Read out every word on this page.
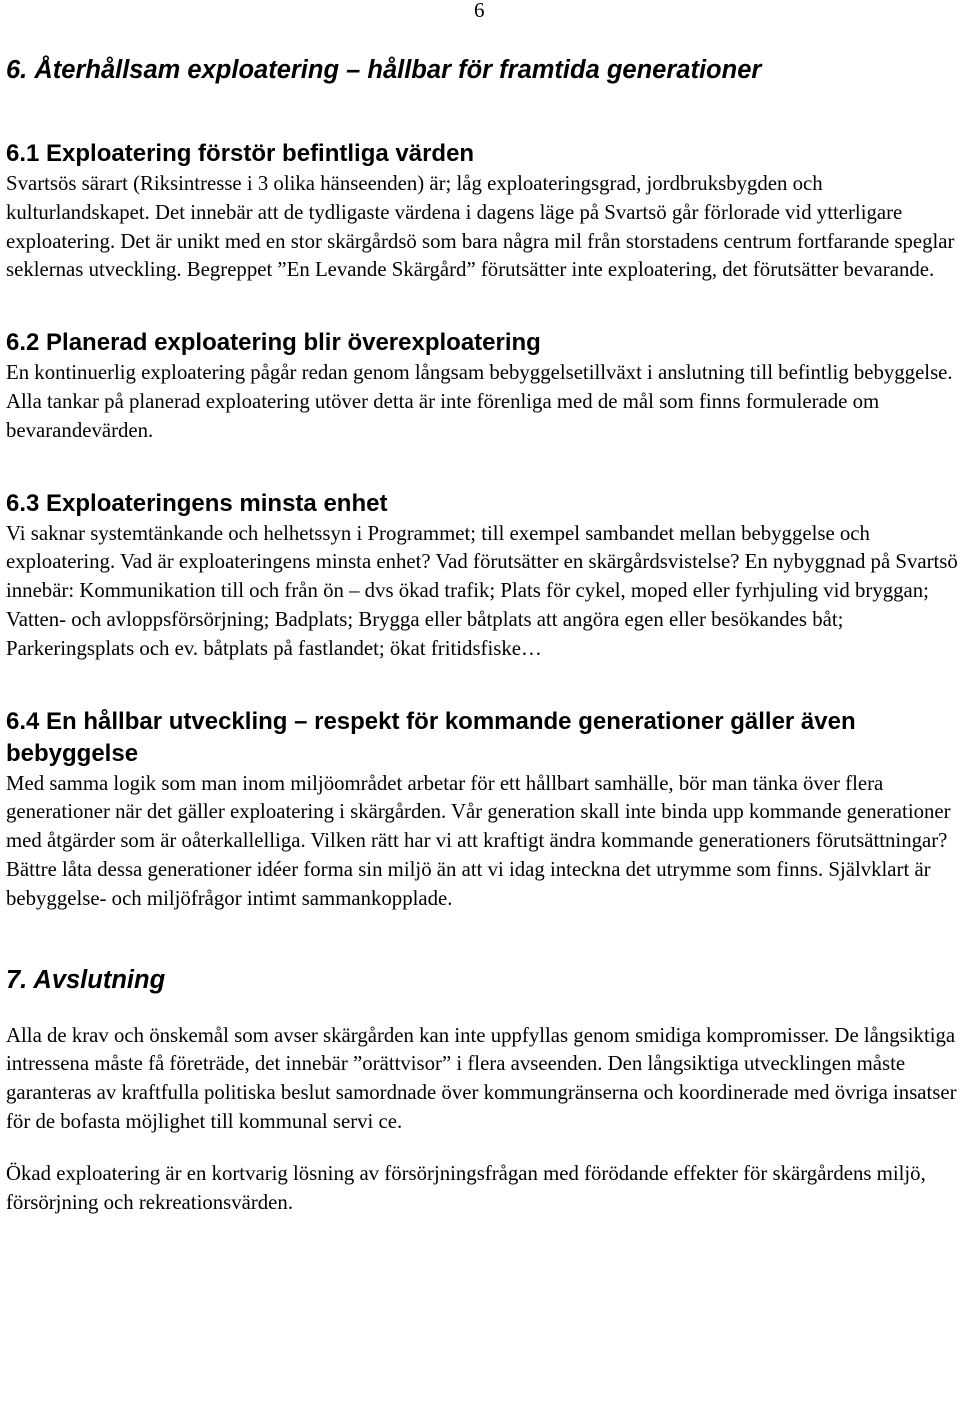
6
6. Återhållsam exploatering – hållbar för framtida generationer
6.1 Exploatering förstör befintliga värden

Svartsös särart (Riksintresse i 3 olika hänseenden) är; låg exploateringsgrad, jordbruksbygden och kulturlandskapet. Det innebär att de tydligaste värdena i dagens läge på Svartsö går förlorade vid ytterligare exploatering. Det är unikt med en stor skärgårdsö som bara några mil från storstadens centrum fortfarande speglar seklernas utveckling. Begreppet ”En Levande Skärgård” förutsätter inte exploatering, det förutsätter bevarande.

6.2 Planerad exploatering blir överexploatering

En kontinuerlig exploatering pågår redan genom långsam bebyggelsetillväxt i anslutning till befintlig bebyggelse. Alla tankar på planerad exploatering utöver detta är inte förenliga med de mål som finns formulerade om bevarandevärden.

6.3 Exploateringens minsta enhet

Vi saknar systemtänkande och helhetssyn i Programmet; till exempel sambandet mellan bebyggelse och exploatering. Vad är exploateringens minsta enhet? Vad förutsätter en skärgårdsvistelse? En nybyggnad på Svartsö innebär: Kommunikation till och från ön – dvs ökad trafik; Plats för cykel, moped eller fyrhjuling vid bryggan; Vatten- och avloppsförsörjning; Badplats; Brygga eller båtplats att angöra egen eller besökandes båt; Parkeringsplats och ev. båtplats på fastlandet; ökat fritidsfiske…

6.4 En hållbar utveckling – respekt för kommande generationer gäller även bebyggelse

Med samma logik som man inom miljöområdet arbetar för ett hållbart samhälle, bör man tänka över flera generationer när det gäller exploatering i skärgården. Vår generation skall inte binda upp kommande generationer med åtgärder som är oåterkallelliga. Vilken rätt har vi att kraftigt ändra kommande generationers förutsättningar? Bättre låta dessa generationer idéer forma sin miljö än att vi idag inteckna det utrymme som finns. Självklart är bebyggelse- och miljöfrågor intimt sammankopplade.

7. Avslutning

Alla de krav och önskemål som avser skärgården kan inte uppfyllas genom smidiga kompromisser. De långsiktiga intressena måste få företräde, det innebär ”orättvisor” i flera avseenden. Den långsiktiga utvecklingen måste garanteras av kraftfulla politiska beslut samordnade över kommungränserna och koordinerade med övriga insatser för de bofasta möjlighet till kommunal servi ce.

Ökad exploatering är en kortvarig lösning av försörjningsfrågan med förödande effekter för skärgårdens miljö, försörjning och rekreationsvärden.
